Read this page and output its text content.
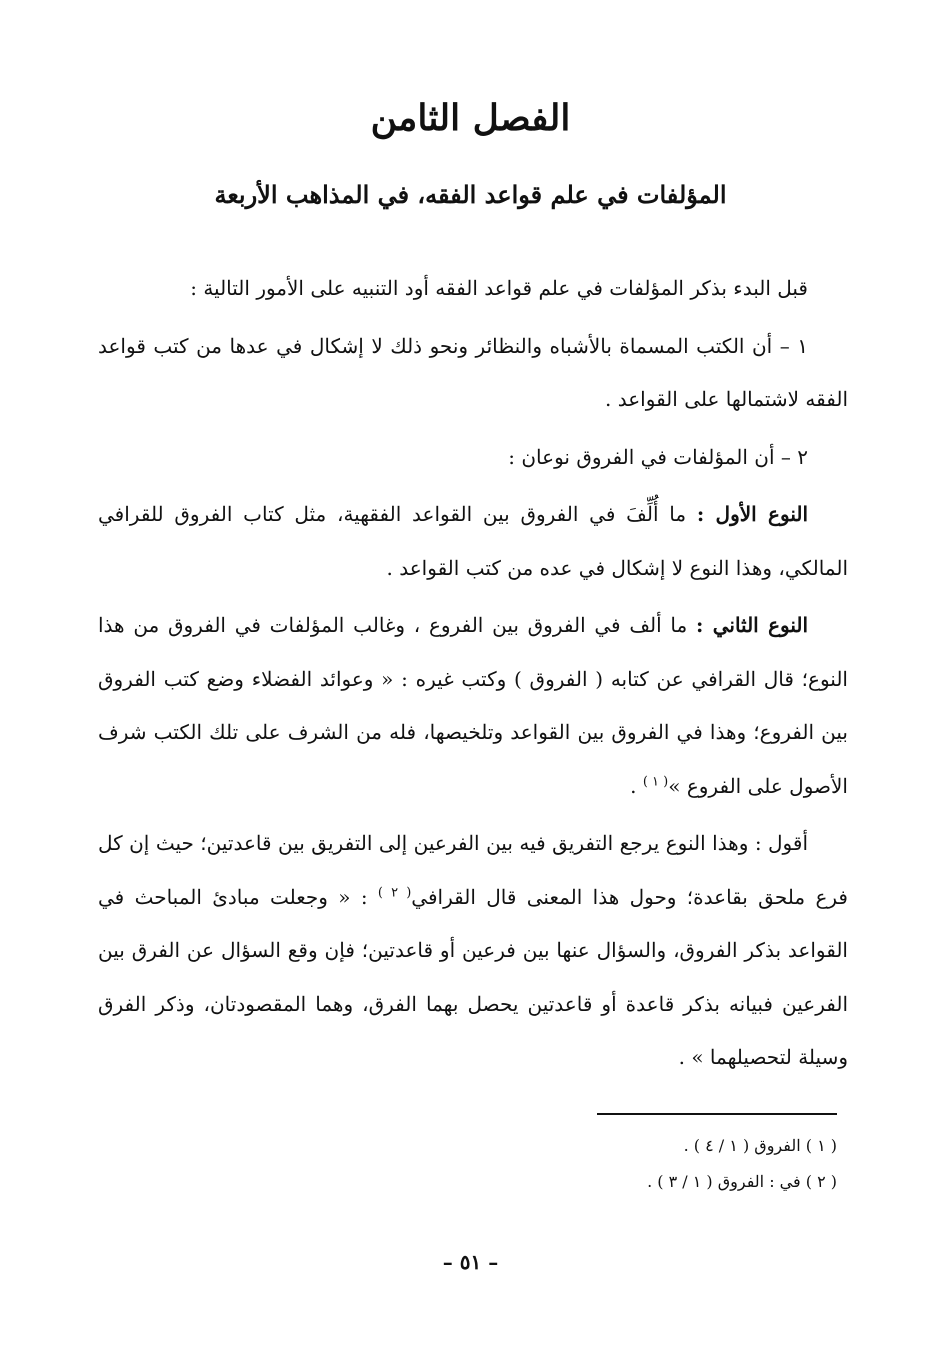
الفصل الثامن
المؤلفات في علم قواعد الفقه، في المذاهب الأربعة

قبل البدء بذكر المؤلفات في علم قواعد الفقه أود التنبيه على الأمور التالية :

١ – أن الكتب المسماة بالأشباه والنظائر ونحو ذلك لا إشكال في عدها من كتب قواعد الفقه لاشتمالها على القواعد .

٢ – أن المؤلفات في الفروق نوعان :

النوع الأول : ما أُلِّفَ في الفروق بين القواعد الفقهية، مثل كتاب الفروق للقرافي المالكي، وهذا النوع لا إشكال في عده من كتب القواعد .

النوع الثاني : ما ألف في الفروق بين الفروع ، وغالب المؤلفات في الفروق من هذا النوع؛ قال القرافي عن كتابه ( الفروق ) وكتب غيره : « وعوائد الفضلاء وضع كتب الفروق بين الفروع؛ وهذا في الفروق بين القواعد وتلخيصها، فله من الشرف على تلك الكتب شرف الأصول على الفروع »$^{( ١ )}$ .

أقول : وهذا النوع يرجع التفريق فيه بين الفرعين إلى التفريق بين قاعدتين؛ حيث إن كل فرع ملحق بقاعدة؛ وحول هذا المعنى قال القرافي$^{( ٢ )}$ : « وجعلت مبادئ المباحث في القواعد بذكر الفروق، والسؤال عنها بين فرعين أو قاعدتين؛ فإن وقع السؤال عن الفرق بين الفرعين فبيانه بذكر قاعدة أو قاعدتين يحصل بهما الفرق، وهما المقصودتان، وذكر الفرق وسيلة لتحصيلهما » .

( ١ ) الفروق ( ١ / ٤ ) .

( ٢ ) في : الفروق ( ١ / ٣ ) .

– ٥١ –
